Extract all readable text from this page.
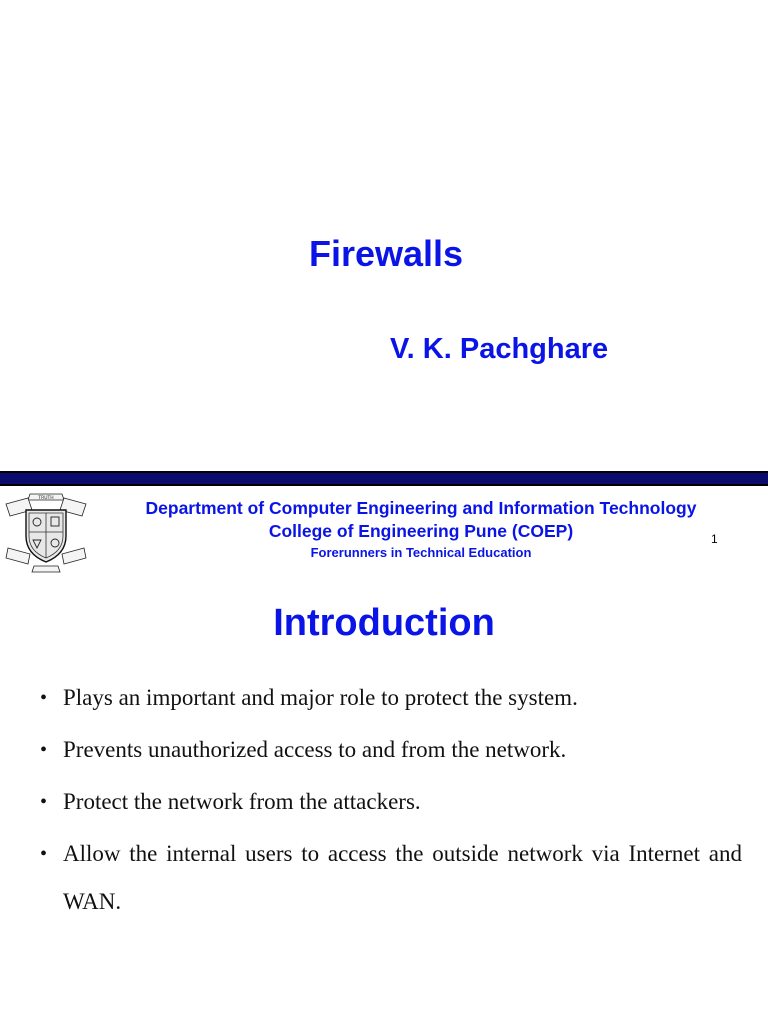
Firewalls
V. K. Pachghare
TRUTH	Department of Computer Engineering and Information Technology

College of Engineering Pune (COEP)

Forerunners in Technical Education

1
Introduction
• Plays an important and major role to protect the system.
• Prevents unauthorized access to and from the network.
• Protect the network from the attackers.
• Allow the internal users to access the outside network via Internet and WAN.
